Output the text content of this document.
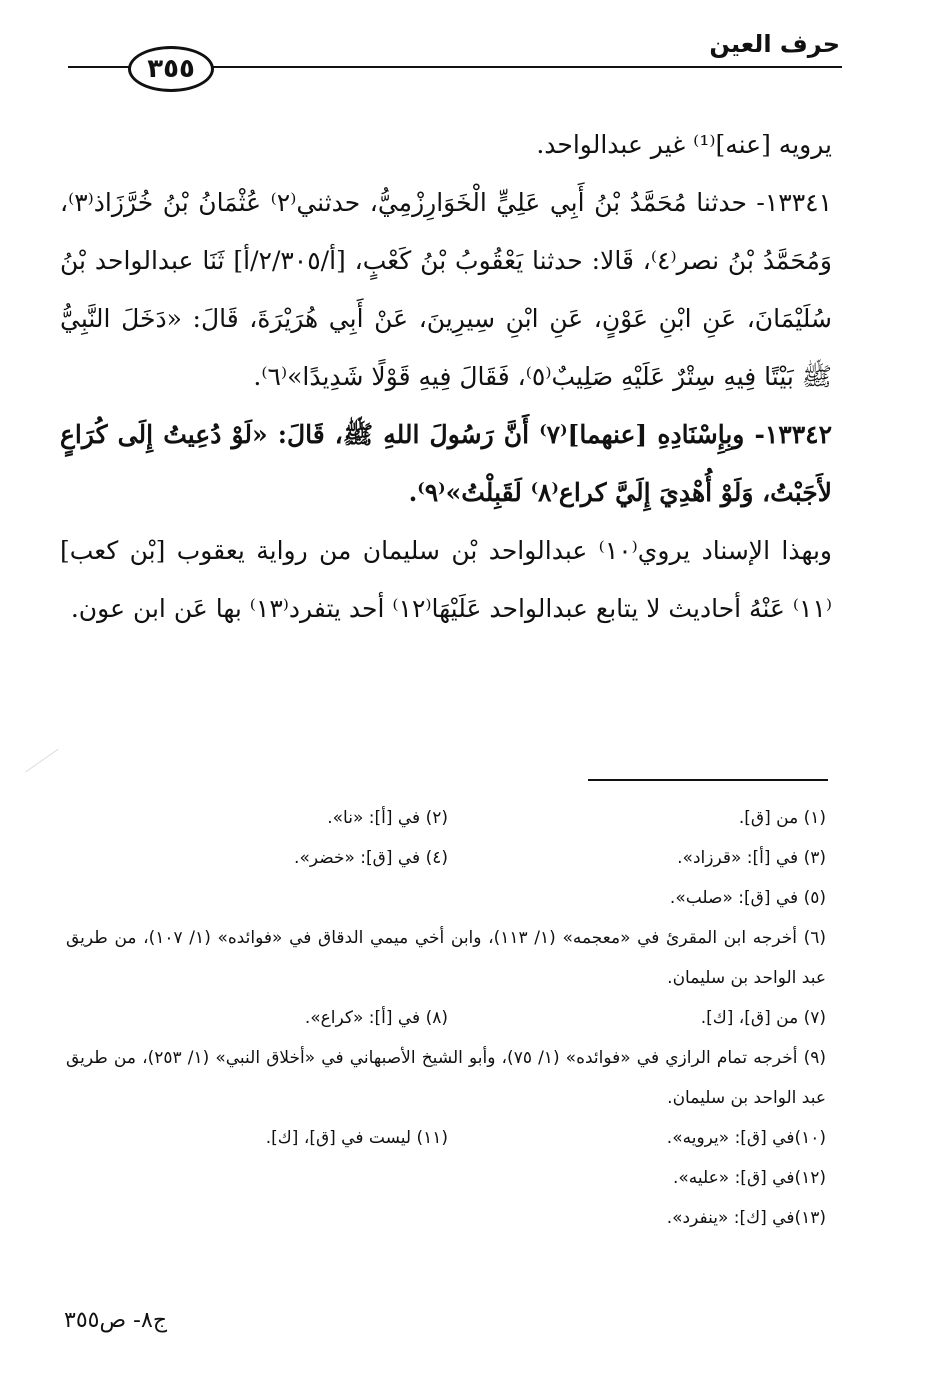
حرف العين
٣٥٥

يرويه [عنه]⁽¹⁾ غير عبدالواحد.

١٣٣٤١- حدثنا مُحَمَّدُ بْنُ أَبِي عَلِيٍّ الْخَوَارِزْمِيُّ، حدثني⁽٢⁾ عُثْمَانُ بْنُ خُرَّزَاذ⁽٣⁾، وَمُحَمَّدُ بْنُ نصر⁽٤⁾، قَالا: حدثنا يَعْقُوبُ بْنُ كَعْبٍ، [أ/٢/٣٠٥/أ] ثَنَا عبدالواحد بْنُ سُلَيْمَانَ، عَنِ ابْنِ عَوْنٍ، عَنِ ابْنِ سِيرِينَ، عَنْ أَبِي هُرَيْرَةَ، قَالَ: «دَخَلَ النَّبِيُّ ﷺ بَيْتًا فِيهِ سِتْرٌ عَلَيْهِ صَلِيبٌ⁽٥⁾، فَقَالَ فِيهِ قَوْلًا شَدِيدًا»⁽٦⁾.

١٣٣٤٢- وبِإِسْنَادِهِ [عنهما]⁽٧⁾ أَنَّ رَسُولَ اللهِ ﷺ، قَالَ: «لَوْ دُعِيتُ إِلَى كُرَاعٍ لأَجَبْتُ، وَلَوْ أُهْدِيَ إِلَيَّ كراع⁽٨⁾ لَقَبِلْتُ»⁽٩⁾.

وبهذا الإسناد يروي⁽١٠⁾ عبدالواحد بْن سليمان من رواية يعقوب [بْن كعب]⁽١١⁾ عَنْهُ أحاديث لا يتابع عبدالواحد عَلَيْهَا⁽١٢⁾ أحد يتفرد⁽١٣⁾ بها عَن ابن عون.

(١) من [ق].
(٢) في [أ]: «نا».
(٣) في [أ]: «قرزاد».
(٤) في [ق]: «خضر».
(٥) في [ق]: «صلب».
(٦) أخرجه ابن المقرئ في «معجمه» (١/ ١١٣)، وابن أخي ميمي الدقاق في «فوائده» (١/ ١٠٧)، من طريق عبد الواحد بن سليمان.
(٧) من [ق]، [ك].
(٨) في [أ]: «كراع».
(٩) أخرجه تمام الرازي في «فوائده» (١/ ٧٥)، وأبو الشيخ الأصبهاني في «أخلاق النبي» (١/ ٢٥٣)، من طريق عبد الواحد بن سليمان.
(١٠)في [ق]: «يرويه».
(١١) ليست في [ق]، [ك].
(١٢)في [ق]: «عليه».
(١٣)في [ك]: «ينفرد».
ج٨- ص٣٥٥
